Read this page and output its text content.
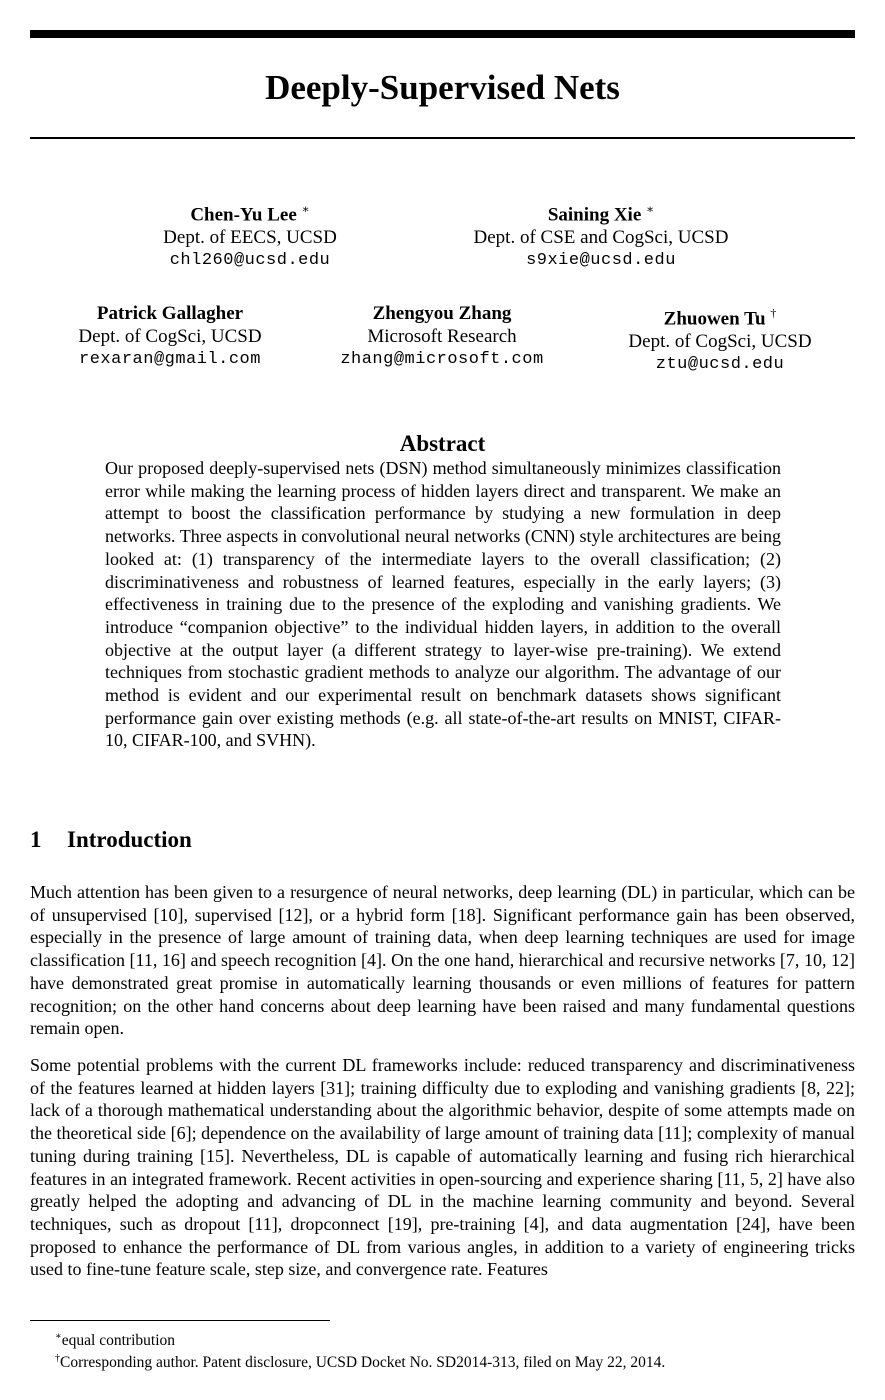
Deeply-Supervised Nets
Chen-Yu Lee ∗
Dept. of EECS, UCSD
chl260@ucsd.edu
Saining Xie ∗
Dept. of CSE and CogSci, UCSD
s9xie@ucsd.edu
Patrick Gallagher
Dept. of CogSci, UCSD
rexaran@gmail.com
Zhengyou Zhang
Microsoft Research
zhang@microsoft.com
Zhuowen Tu †
Dept. of CogSci, UCSD
ztu@ucsd.edu
Abstract
Our proposed deeply-supervised nets (DSN) method simultaneously minimizes classification error while making the learning process of hidden layers direct and transparent. We make an attempt to boost the classification performance by studying a new formulation in deep networks. Three aspects in convolutional neural networks (CNN) style architectures are being looked at: (1) transparency of the intermediate layers to the overall classification; (2) discriminativeness and robustness of learned features, especially in the early layers; (3) effectiveness in training due to the presence of the exploding and vanishing gradients. We introduce “companion objective” to the individual hidden layers, in addition to the overall objective at the output layer (a different strategy to layer-wise pre-training). We extend techniques from stochastic gradient methods to analyze our algorithm. The advantage of our method is evident and our experimental result on benchmark datasets shows significant performance gain over existing methods (e.g. all state-of-the-art results on MNIST, CIFAR-10, CIFAR-100, and SVHN).
1 Introduction
Much attention has been given to a resurgence of neural networks, deep learning (DL) in particular, which can be of unsupervised [10], supervised [12], or a hybrid form [18]. Significant performance gain has been observed, especially in the presence of large amount of training data, when deep learning techniques are used for image classification [11, 16] and speech recognition [4]. On the one hand, hierarchical and recursive networks [7, 10, 12] have demonstrated great promise in automatically learning thousands or even millions of features for pattern recognition; on the other hand concerns about deep learning have been raised and many fundamental questions remain open.
Some potential problems with the current DL frameworks include: reduced transparency and discriminativeness of the features learned at hidden layers [31]; training difficulty due to exploding and vanishing gradients [8, 22]; lack of a thorough mathematical understanding about the algorithmic behavior, despite of some attempts made on the theoretical side [6]; dependence on the availability of large amount of training data [11]; complexity of manual tuning during training [15]. Nevertheless, DL is capable of automatically learning and fusing rich hierarchical features in an integrated framework. Recent activities in open-sourcing and experience sharing [11, 5, 2] have also greatly helped the adopting and advancing of DL in the machine learning community and beyond. Several techniques, such as dropout [11], dropconnect [19], pre-training [4], and data augmentation [24], have been proposed to enhance the performance of DL from various angles, in addition to a variety of engineering tricks used to fine-tune feature scale, step size, and convergence rate. Features
∗equal contribution
†Corresponding author. Patent disclosure, UCSD Docket No. SD2014-313, filed on May 22, 2014.
